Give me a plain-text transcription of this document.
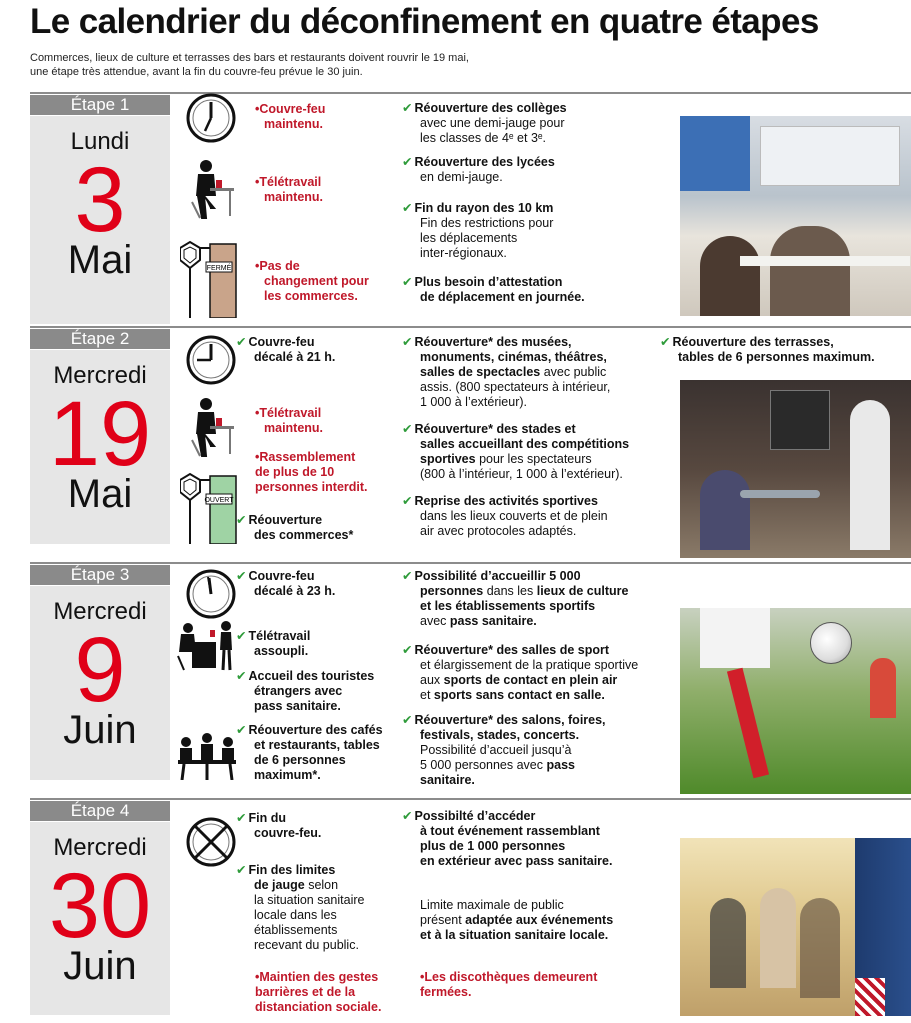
Le calendrier du déconfinement en quatre étapes
Commerces, lieux de culture et terrasses des bars et restaurants doivent rouvrir le 19 mai,
une étape très attendue, avant la fin du couvre-feu prévue le 30 juin.
Étape 1
Lundi
3
Mai
•Couvre-feu
maintenu.
•Télétravail
maintenu.
FERMÉ •Pas de
changement pour
les commerces.
✔ Réouverture des collèges
avec une demi-jauge pour
les classes de 4ᵉ et 3ᵉ.
✔ Réouverture des lycées
en demi-jauge.
✔ Fin du rayon des 10 km
Fin des restrictions pour
les déplacements
inter-régionaux.
✔ Plus besoin d’attestation
de déplacement en journée.
Étape 2
Mercredi
19
Mai
✔ Couvre-feu
décalé à 21 h.
•Télétravail
maintenu.
•Rassemblement
de plus de 10
personnes interdit.
OUVERT
✔ Réouverture
des commerces*
✔ Réouverture* des musées,
monuments, cinémas, théâtres,
salles de spectacles avec public
assis. (800 spectateurs à intérieur,
1 000 à l’extérieur).
✔ Réouverture* des stades et
salles accueillant des compétitions
sportives pour les spectateurs
(800 à l’intérieur, 1 000 à l’extérieur).
✔ Reprise des activités sportives
dans les lieux couverts et de plein
air avec protocoles adaptés.
✔ Réouverture des terrasses,
tables de 6 personnes maximum.
Étape 3
Mercredi
9
Juin
✔ Couvre-feu
décalé à 23 h.
✔ Télétravail
assoupli.
✔ Accueil des touristes
étrangers avec
pass sanitaire.
✔ Réouverture des cafés
et restaurants, tables
de 6 personnes
maximum*.
✔ Possibilité d’accueillir 5 000
personnes dans les lieux de culture
et les établissements sportifs
avec pass sanitaire.
✔ Réouverture* des salles de sport
et élargissement de la pratique sportive
aux sports de contact en plein air
et sports sans contact en salle.
✔ Réouverture* des salons, foires,
festivals, stades, concerts.
Possibilité d’accueil jusqu’à
5 000 personnes avec pass
sanitaire.
Étape 4
Mercredi
30
Juin
✔ Fin du
couvre-feu.
✔ Fin des limites
de jauge selon
la situation sanitaire
locale dans les
établissements
recevant du public.
•Maintien des gestes
barrières et de la
distanciation sociale.
✔ Possibilté d’accéder
à tout événement rassemblant
plus de 1 000 personnes
en extérieur avec pass sanitaire.
Limite maximale de public
présent adaptée aux événements
et à la situation sanitaire locale.
•Les discothèques demeurent
fermées.
